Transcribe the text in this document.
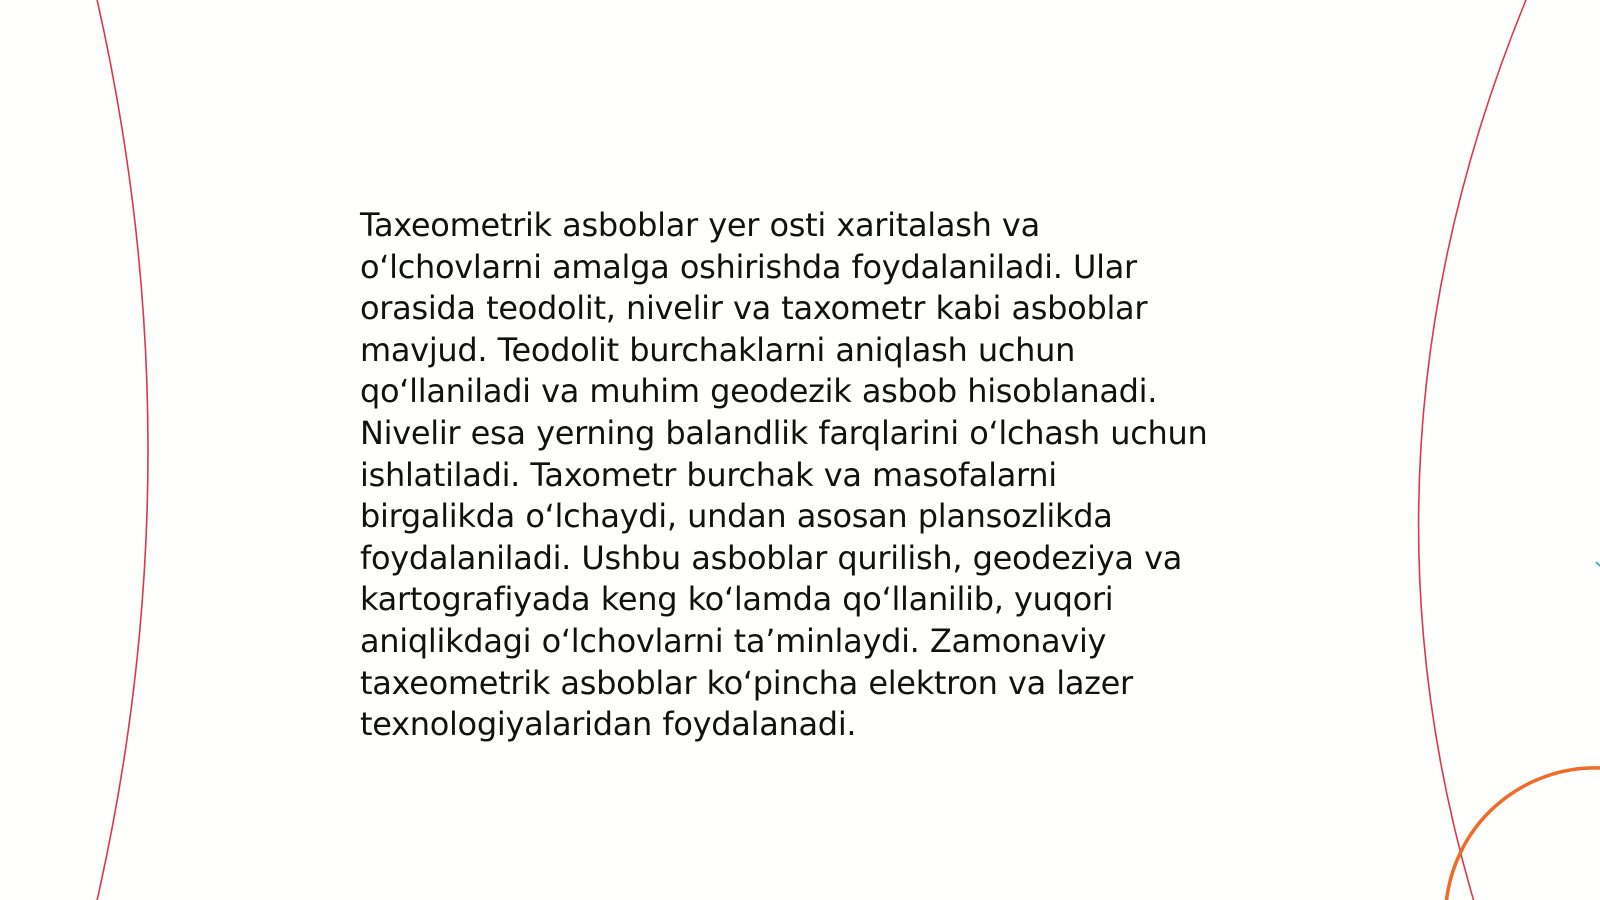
Taxeometrik asboblar yer osti xaritalash va
o‘lchovlarni amalga oshirishda foydalaniladi. Ular
orasida teodolit, nivelir va taxometr kabi asboblar
mavjud. Teodolit burchaklarni aniqlash uchun
qo‘llaniladi va muhim geodezik asbob hisoblanadi.
Nivelir esa yerning balandlik farqlarini o‘lchash uchun
ishlatiladi. Taxometr burchak va masofalarni
birgalikda o‘lchaydi, undan asosan plansozlikda
foydalaniladi. Ushbu asboblar qurilish, geodeziya va
kartografiyada keng ko‘lamda qo‘llanilib, yuqori
aniqlikdagi o‘lchovlarni ta’minlaydi. Zamonaviy
taxeometrik asboblar ko‘pincha elektron va lazer
texnologiyalaridan foydalanadi.
